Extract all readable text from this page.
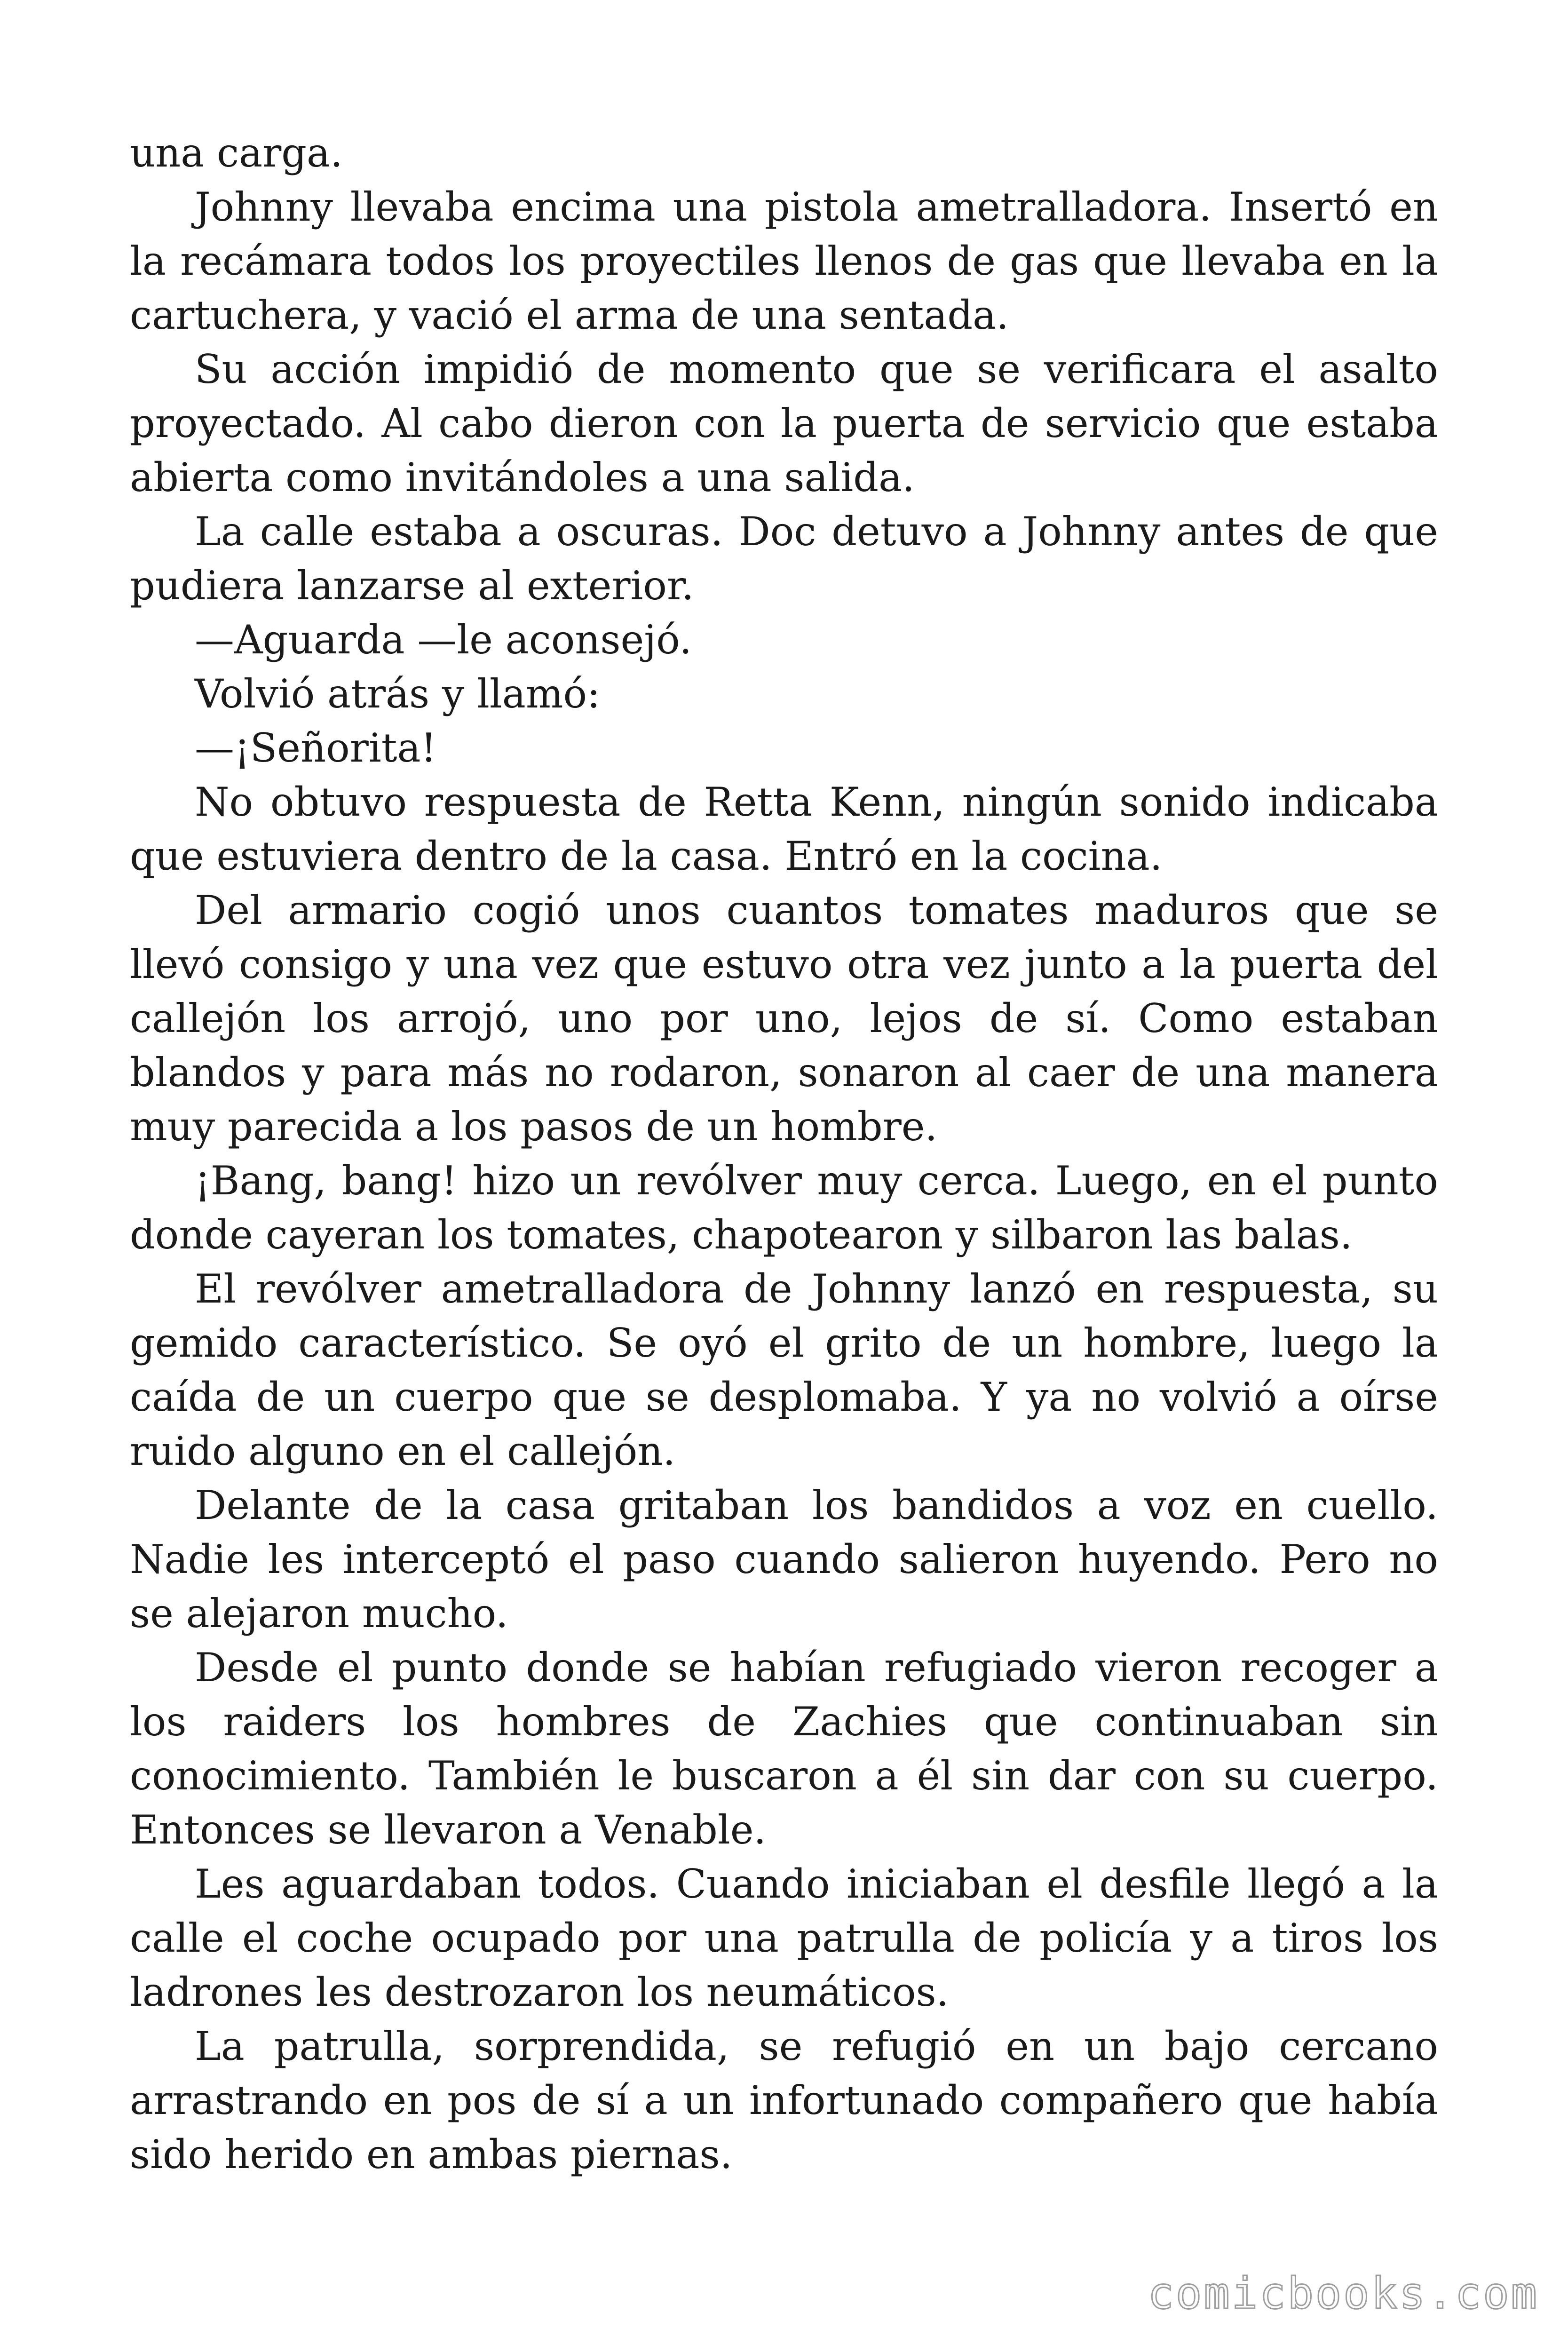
una carga.

Johnny llevaba encima una pistola ametralladora. Insertó en la recámara todos los proyectiles llenos de gas que llevaba en la cartuchera, y vació el arma de una sentada.

Su acción impidió de momento que se verificara el asalto proyectado. Al cabo dieron con la puerta de servicio que estaba abierta como invitándoles a una salida.

La calle estaba a oscuras. Doc detuvo a Johnny antes de que pudiera lanzarse al exterior.

—Aguarda —le aconsejó.

Volvió atrás y llamó:

—¡Señorita!

No obtuvo respuesta de Retta Kenn, ningún sonido indicaba que estuviera dentro de la casa. Entró en la cocina.

Del armario cogió unos cuantos tomates maduros que se llevó consigo y una vez que estuvo otra vez junto a la puerta del callejón los arrojó, uno por uno, lejos de sí. Como estaban blandos y para más no rodaron, sonaron al caer de una manera muy parecida a los pasos de un hombre.

¡Bang, bang! hizo un revólver muy cerca. Luego, en el punto donde cayeran los tomates, chapotearon y silbaron las balas.

El revólver ametralladora de Johnny lanzó en respuesta, su gemido característico. Se oyó el grito de un hombre, luego la caída de un cuerpo que se desplomaba. Y ya no volvió a oírse ruido alguno en el callejón.

Delante de la casa gritaban los bandidos a voz en cuello. Nadie les interceptó el paso cuando salieron huyendo. Pero no se alejaron mucho.

Desde el punto donde se habían refugiado vieron recoger a los raiders los hombres de Zachies que continuaban sin conocimiento. También le buscaron a él sin dar con su cuerpo. Entonces se llevaron a Venable.

Les aguardaban todos. Cuando iniciaban el desfile llegó a la calle el coche ocupado por una patrulla de policía y a tiros los ladrones les destrozaron los neumáticos.

La patrulla, sorprendida, se refugió en un bajo cercano arrastrando en pos de sí a un infortunado compañero que había sido herido en ambas piernas.

comicbooks.com
